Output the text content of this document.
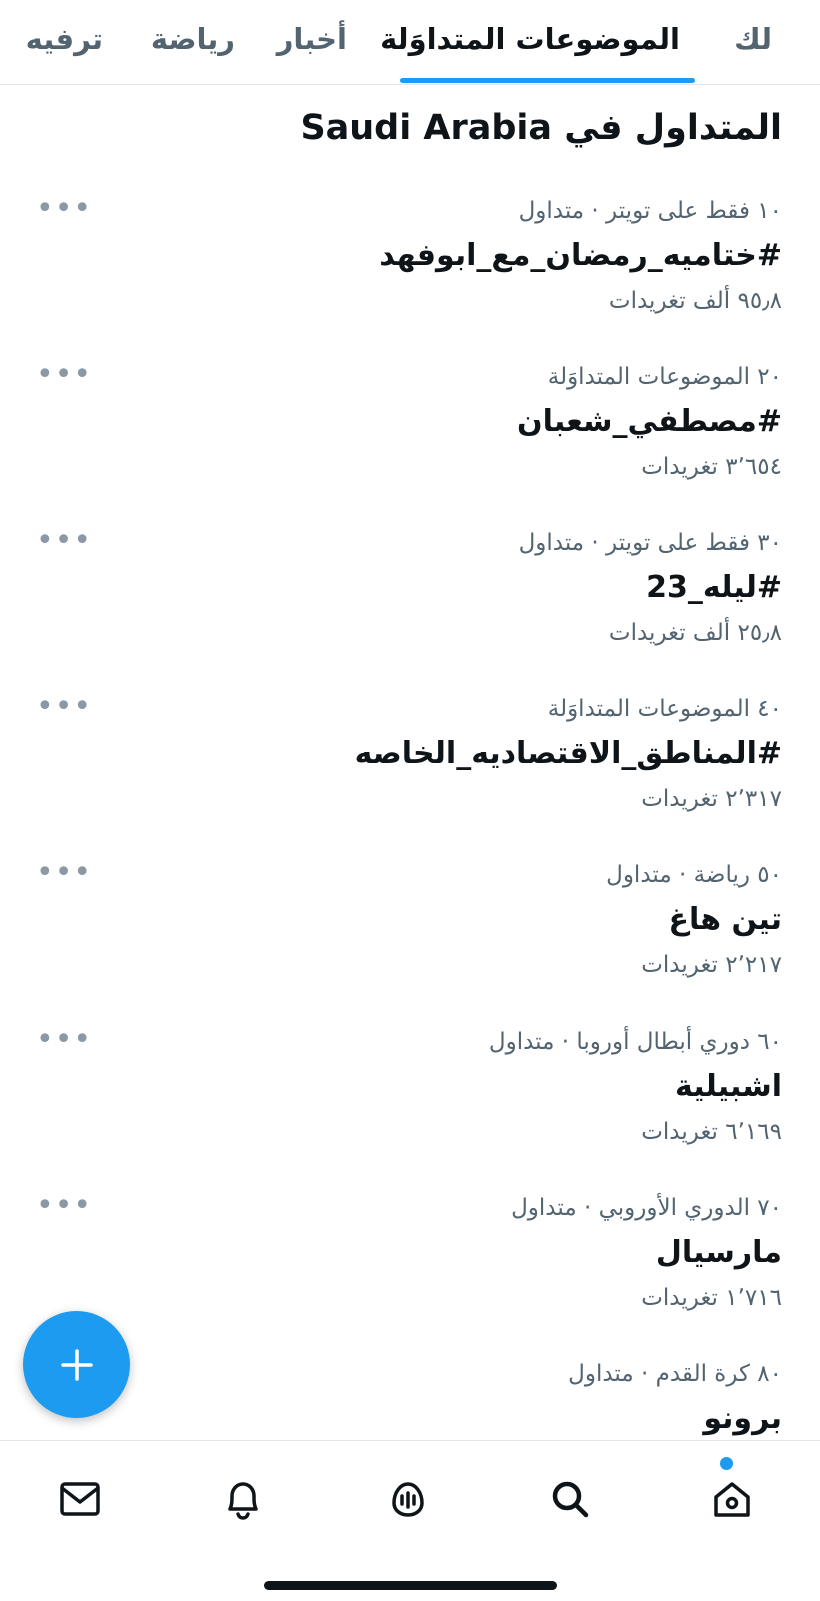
لك
الموضوعات المتداوَلة
أخبار
رياضة
ترفيه
المتداول في Saudi Arabia
•••	١٠ فقط على تويتر · متداول
#ختاميه_رمضان_مع_ابوفهد
٩٥٫٨ ألف تغريدات
•••	٢٠ الموضوعات المتداوَلة
#مصطفي_شعبان
٣٬٦٥٤ تغريدات
•••	٣٠ فقط على تويتر · متداول
#ليله_23
٢٥٫٨ ألف تغريدات
•••	٤٠ الموضوعات المتداوَلة
#المناطق_الاقتصاديه_الخاصه
٢٬٣١٧ تغريدات
•••	٥٠ رياضة · متداول
تين هاغ
٢٬٢١٧ تغريدات
•••	٦٠ دوري أبطال أوروبا · متداول
اشبيلية
٦٬١٦٩ تغريدات
•••	٧٠ الدوري الأوروبي · متداول
مارسيال
١٬٧١٦ تغريدات
٨٠ كرة القدم · متداول
برونو
